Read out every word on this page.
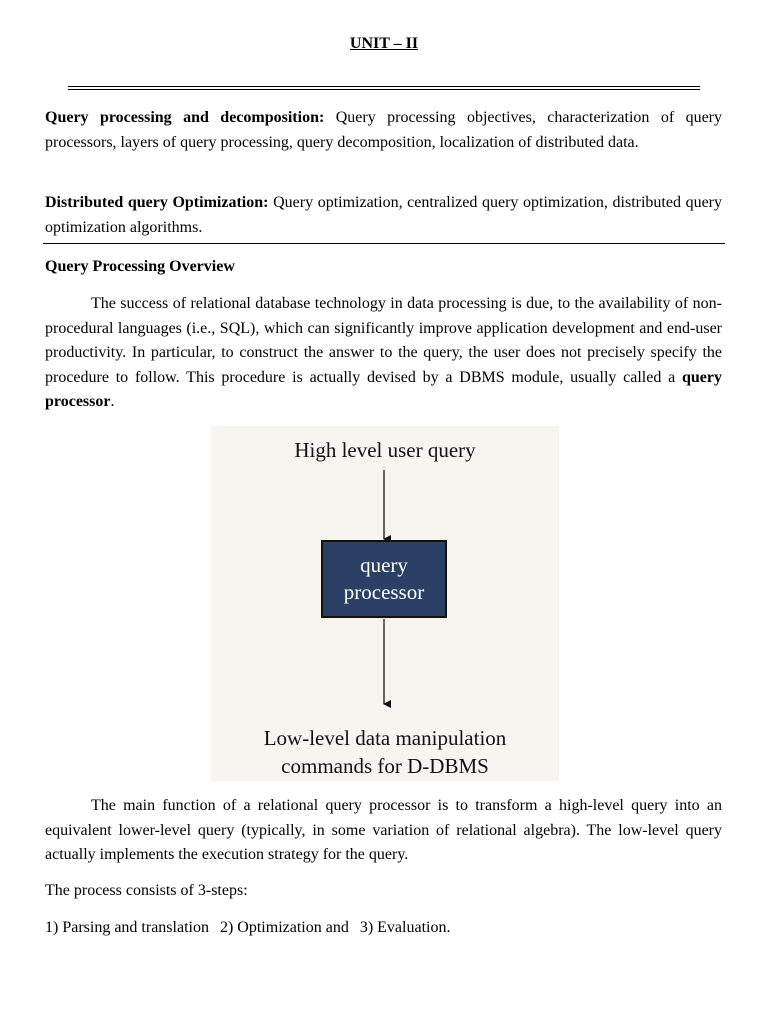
UNIT – II

Query processing and decomposition: Query processing objectives, characterization of query processors, layers of query processing, query decomposition, localization of distributed data.

Distributed query Optimization: Query optimization, centralized query optimization, distributed query optimization algorithms.

Query Processing Overview

The success of relational database technology in data processing is due, to the availability of non-procedural languages (i.e., SQL), which can significantly improve application development and end-user productivity. In particular, to construct the answer to the query, the user does not precisely specify the procedure to follow. This procedure is actually devised by a DBMS module, usually called a query processor.

High level user query
query
processor
Low-level data manipulation
commands for D-DBMS

The main function of a relational query processor is to transform a high-level query into an equivalent lower-level query (typically, in some variation of relational algebra). The low-level query actually implements the execution strategy for the query.

The process consists of 3-steps:

1) Parsing and translation 2) Optimization and 3) Evaluation.
